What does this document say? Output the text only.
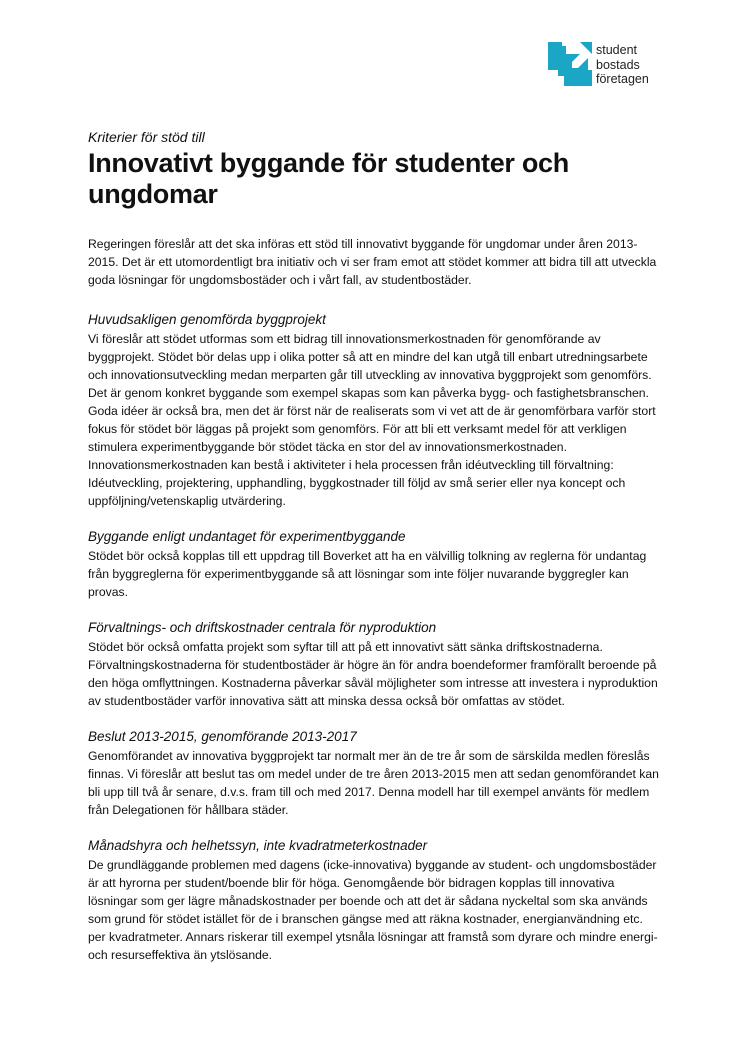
student
bostads
företagen
Kriterier för stöd till
Innovativt byggande för studenter och ungdomar

Regeringen föreslår att det ska införas ett stöd till innovativt byggande för ungdomar under åren 2013-2015. Det är ett utomordentligt bra initiativ och vi ser fram emot att stödet kommer att bidra till att utveckla goda lösningar för ungdomsbostäder och i vårt fall, av studentbostäder.

Huvudsakligen genomförda byggprojekt

Vi föreslår att stödet utformas som ett bidrag till innovationsmerkostnaden för genomförande av byggprojekt. Stödet bör delas upp i olika potter så att en mindre del kan utgå till enbart utredningsarbete och innovationsutveckling medan merparten går till utveckling av innovativa byggprojekt som genomförs. Det är genom konkret byggande som exempel skapas som kan påverka bygg- och fastighetsbranschen. Goda idéer är också bra, men det är först när de realiserats som vi vet att de är genomförbara varför stort fokus för stödet bör läggas på projekt som genomförs. För att bli ett verksamt medel för att verkligen stimulera experimentbyggande bör stödet täcka en stor del av innovationsmerkostnaden. Innovationsmerkostnaden kan bestå i aktiviteter i hela processen från idéutveckling till förvaltning: Idéutveckling, projektering, upphandling, byggkostnader till följd av små serier eller nya koncept och uppföljning/vetenskaplig utvärdering.

Byggande enligt undantaget för experimentbyggande

Stödet bör också kopplas till ett uppdrag till Boverket att ha en välvillig tolkning av reglerna för undantag från byggreglerna för experimentbyggande så att lösningar som inte följer nuvarande byggregler kan provas.

Förvaltnings- och driftskostnader centrala för nyproduktion

Stödet bör också omfatta projekt som syftar till att på ett innovativt sätt sänka driftskostnaderna. Förvaltningskostnaderna för studentbostäder är högre än för andra boendeformer framförallt beroende på den höga omflyttningen. Kostnaderna påverkar såväl möjligheter som intresse att investera i nyproduktion av studentbostäder varför innovativa sätt att minska dessa också bör omfattas av stödet.

Beslut 2013-2015, genomförande 2013-2017

Genomförandet av innovativa byggprojekt tar normalt mer än de tre år som de särskilda medlen föreslås finnas. Vi föreslår att beslut tas om medel under de tre åren 2013-2015 men att sedan genomförandet kan bli upp till två år senare, d.v.s. fram till och med 2017. Denna modell har till exempel använts för medlem från Delegationen för hållbara städer.

Månadshyra och helhetssyn, inte kvadratmeterkostnader

De grundläggande problemen med dagens (icke-innovativa) byggande av student- och ungdomsbostäder är att hyrorna per student/boende blir för höga. Genomgående bör bidragen kopplas till innovativa lösningar som ger lägre månadskostnader per boende och att det är sådana nyckeltal som ska används som grund för stödet istället för de i branschen gängse med att räkna kostnader, energianvändning etc. per kvadratmeter. Annars riskerar till exempel ytsnåla lösningar att framstå som dyrare och mindre energi- och resurseffektiva än ytslösande.
